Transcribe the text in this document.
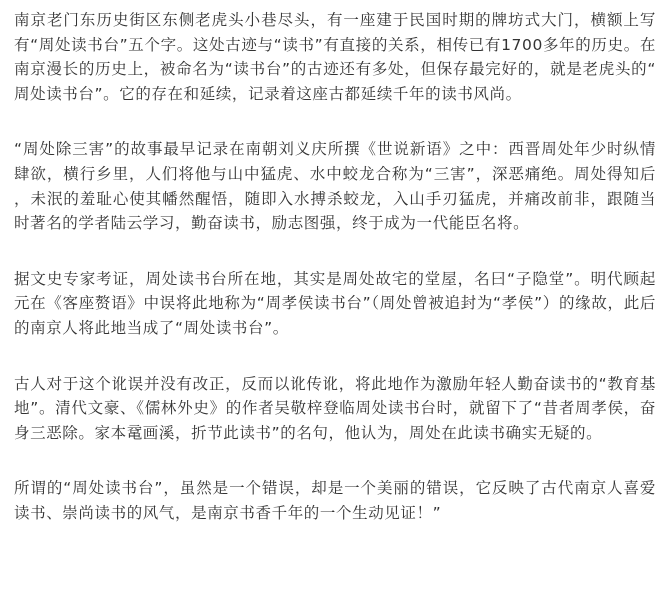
南京老门东历史街区东侧老虎头小巷尽头，有一座建于民国时期的牌坊式大门，横额上写有“周处读书台”五个字。这处古迹与“读书”有直接的关系，相传已有1700多年的历史。在南京漫长的历史上，被命名为“读书台”的古迹还有多处，但保存最完好的，就是老虎头的“周处读书台”。它的存在和延续，记录着这座古都延续千年的读书风尚。

“周处除三害”的故事最早记录在南朝刘义庆所撰《世说新语》之中：西晋周处年少时纵情肆欲，横行乡里，人们将他与山中猛虎、水中蛟龙合称为“三害”，深恶痛绝。周处得知后，未泯的羞耻心使其幡然醒悟，随即入水搏杀蛟龙，入山手刃猛虎，并痛改前非，跟随当时著名的学者陆云学习，勤奋读书，励志图强，终于成为一代能臣名将。

据文史专家考证，周处读书台所在地，其实是周处故宅的堂屋，名曰“子隐堂”。明代顾起元在《客座赘语》中误将此地称为“周孝侯读书台”（周处曾被追封为“孝侯”）的缘故，此后的南京人将此地当成了“周处读书台”。

古人对于这个讹误并没有改正，反而以讹传讹，将此地作为激励年轻人勤奋读书的“教育基地”。清代文豪、《儒林外史》的作者吴敬梓登临周处读书台时，就留下了“昔者周孝侯，奋身三恶除。家本鼋画溪，折节此读书”的名句，他认为，周处在此读书确实无疑的。

所谓的“周处读书台”，虽然是一个错误，却是一个美丽的错误，它反映了古代南京人喜爱读书、崇尚读书的风气，是南京书香千年的一个生动见证！”
